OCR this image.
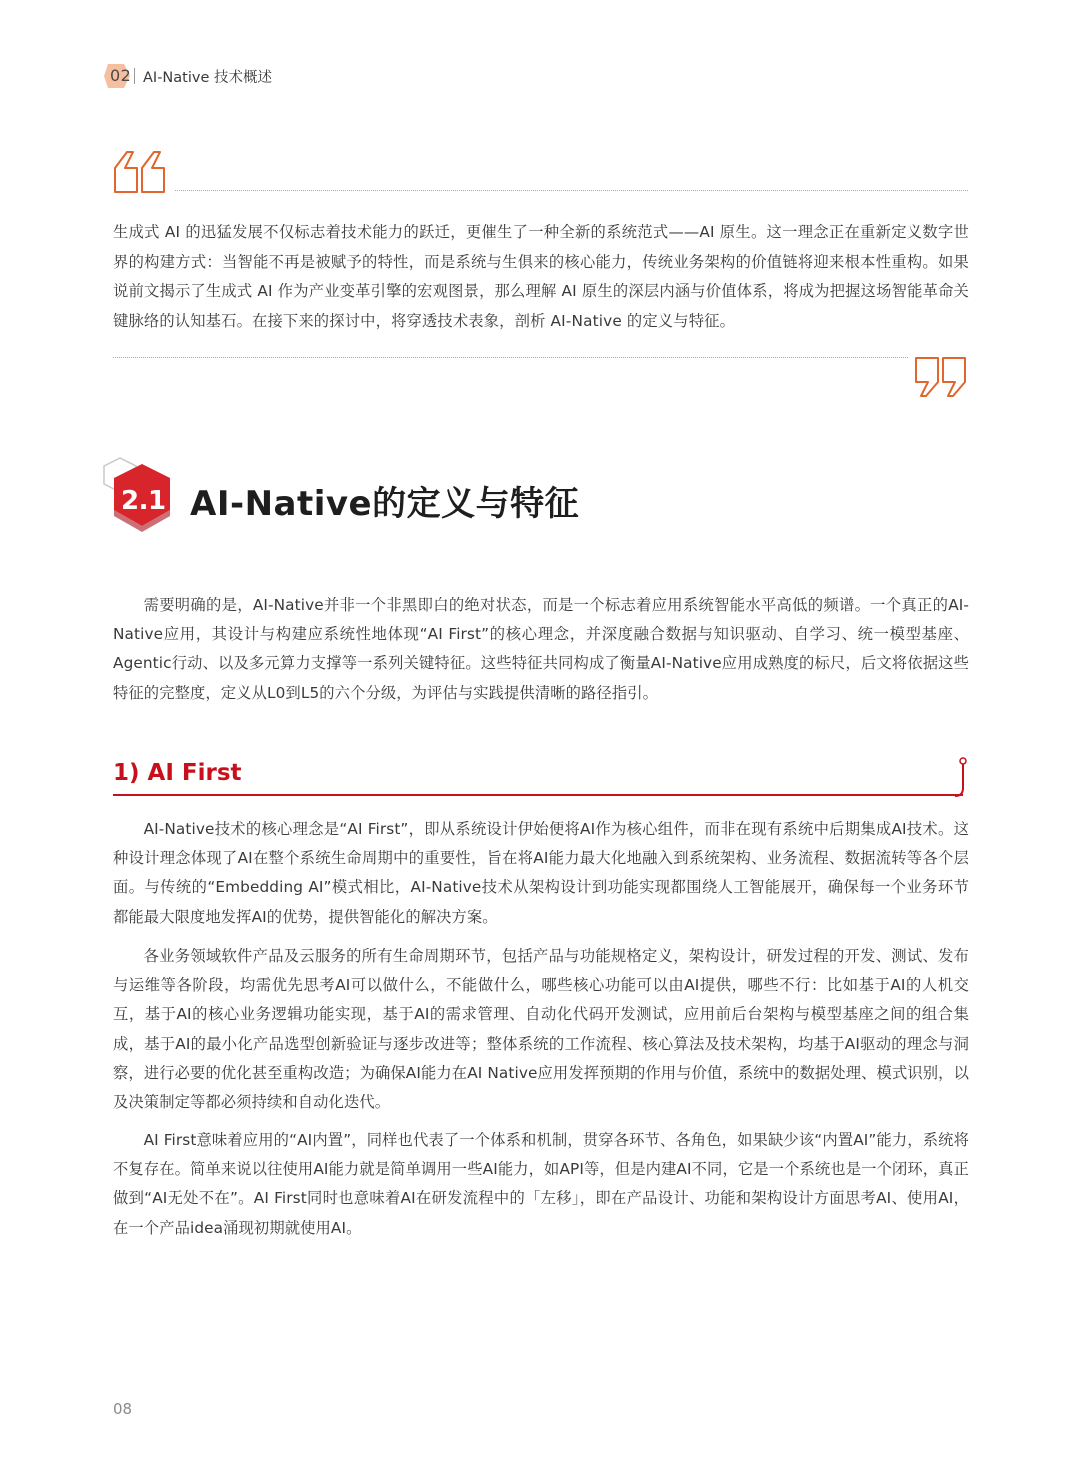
02 AI-Native 技术概述
生成式 AI 的迅猛发展不仅标志着技术能力的跃迁，更催生了一种全新的系统范式——AI 原生。这一理念正在重新定义数字世界的构建方式：当智能不再是被赋予的特性，而是系统与生俱来的核心能力，传统业务架构的价值链将迎来根本性重构。如果说前文揭示了生成式 AI 作为产业变革引擎的宏观图景，那么理解 AI 原生的深层内涵与价值体系，将成为把握这场智能革命关键脉络的认知基石。在接下来的探讨中，将穿透技术表象，剖析 AI-Native 的定义与特征。
2.1 AI-Native的定义与特征
需要明确的是，AI-Native并非一个非黑即白的绝对状态，而是一个标志着应用系统智能水平高低的频谱。一个真正的AI-Native应用，其设计与构建应系统性地体现“AI First”的核心理念，并深度融合数据与知识驱动、自学习、统一模型基座、Agentic行动、以及多元算力支撑等一系列关键特征。这些特征共同构成了衡量AI-Native应用成熟度的标尺，后文将依据这些特征的完整度，定义从L0到L5的六个分级，为评估与实践提供清晰的路径指引。
1) AI First
AI-Native技术的核心理念是“AI First”，即从系统设计伊始便将AI作为核心组件，而非在现有系统中后期集成AI技术。这种设计理念体现了AI在整个系统生命周期中的重要性，旨在将AI能力最大化地融入到系统架构、业务流程、数据流转等各个层面。与传统的“Embedding AI”模式相比，AI-Native技术从架构设计到功能实现都围绕人工智能展开，确保每一个业务环节都能最大限度地发挥AI的优势，提供智能化的解决方案。
各业务领域软件产品及云服务的所有生命周期环节，包括产品与功能规格定义，架构设计，研发过程的开发、测试、发布与运维等各阶段，均需优先思考AI可以做什么，不能做什么，哪些核心功能可以由AI提供，哪些不行：比如基于AI的人机交互，基于AI的核心业务逻辑功能实现，基于AI的需求管理、自动化代码开发测试，应用前后台架构与模型基座之间的组合集成，基于AI的最小化产品选型创新验证与逐步改进等；整体系统的工作流程、核心算法及技术架构，均基于AI驱动的理念与洞察，进行必要的优化甚至重构改造；为确保AI能力在AI Native应用发挥预期的作用与价值，系统中的数据处理、模式识别，以及决策制定等都必须持续和自动化迭代。
AI First意味着应用的“AI内置”，同样也代表了一个体系和机制，贯穿各环节、各角色，如果缺少该“内置AI”能力，系统将不复存在。简单来说以往使用AI能力就是简单调用一些AI能力，如API等，但是内建AI不同，它是一个系统也是一个闭环，真正做到“AI无处不在”。AI First同时也意味着AI在研发流程中的「左移」，即在产品设计、功能和架构设计方面思考AI、使用AI，在一个产品idea涌现初期就使用AI。
08
